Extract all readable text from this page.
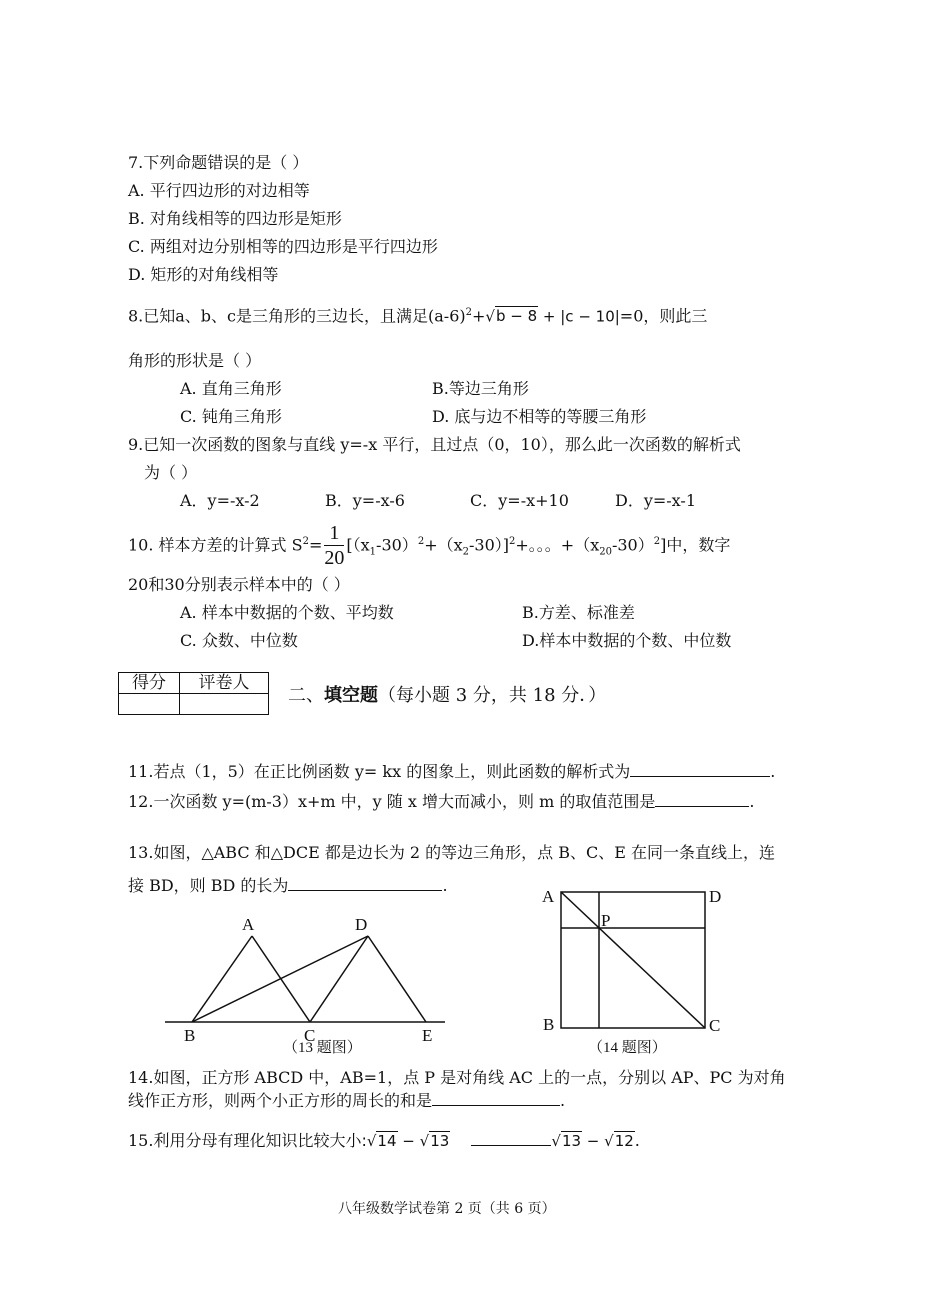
7.下列命题错误的是（ ）
A. 平行四边形的对边相等
B. 对角线相等的四边形是矩形
C. 两组对边分别相等的四边形是平行四边形
D. 矩形的对角线相等
8.已知a、b、c是三角形的三边长，且满足$(a-6)^2+√b - 8 + |c - 10|=0$，则此三
角形的形状是（ ）
A. 直角三角形	B.等边三角形
C. 钝角三角形	D. 底与边不相等的等腰三角形
9.已知一次函数的图象与直线 y=-x 平行，且过点（0，10），那么此一次函数的解析式
为（ ）
A．y=-x-2	B．y=-x-6	C．y=-x+10	D．y=-x-1
10. 样本方差的计算式 $S^2= \frac{1}{20} [(x_1-30)^2+(x_2-30)]^2+$。。。$+(x_{20}-30)^2$]中，数字
20和30分别表示样本中的（ ）
A. 样本中数据的个数、平均数	B.方差、标准差
C. 众数、中位数	D.样本中数据的个数、中位数
得分	评卷人

二、填空题（每小题 3 分，共 18 分．）
11.若点（1，5）在正比例函数 y= kx 的图象上，则此函数的解析式为	.
12.一次函数 y=(m-3）x+m 中，y 随 x 增大而减小，则 m 的取值范围是	.
13.如图，△ABC 和△DCE 都是边长为 2 的等边三角形，点 B、C、E 在同一条直线上，连
接 BD，则 BD 的长为	.
A	D
B	C	E
A	D
B	C
P
（13 题图）	（14 题图）
14.如图，正方形 ABCD 中，AB=1，点 P 是对角线 AC 上的一点，分别以 AP、PC 为对角
线作正方形，则两个小正方形的周长的和是	.
15.利用分母有理化知识比较大小:√14 − √13	√13 − √12.
八年级数学试卷第 2 页（共 6 页）
